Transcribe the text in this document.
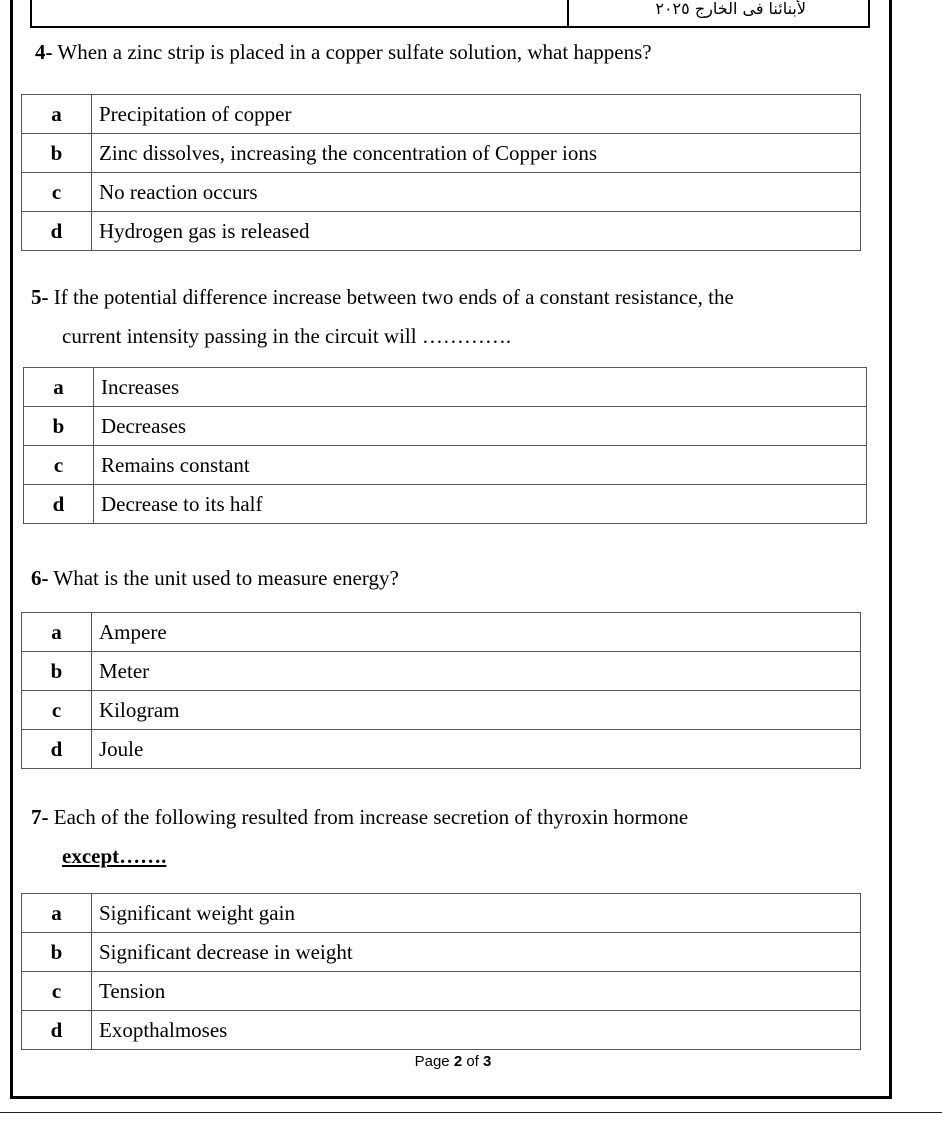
لأبنائنا فى الخارج ٢٠٢٥
4- When a zinc strip is placed in a copper sulfate solution, what happens?
a	Precipitation of copper
b	Zinc dissolves, increasing the concentration of Copper ions
c	No reaction occurs
d	Hydrogen gas is released
5- If the potential difference increase between two ends of a constant resistance, the
current intensity passing in the circuit will ………….
a	Increases
b	Decreases
c	Remains constant
d	Decrease to its half
6- What is the unit used to measure energy?
a	Ampere
b	Meter
c	Kilogram
d	Joule
7- Each of the following resulted from increase secretion of thyroxin hormone
except…….
a	Significant weight gain
b	Significant decrease in weight
c	Tension
d	Exopthalmoses
Page 2 of 3
